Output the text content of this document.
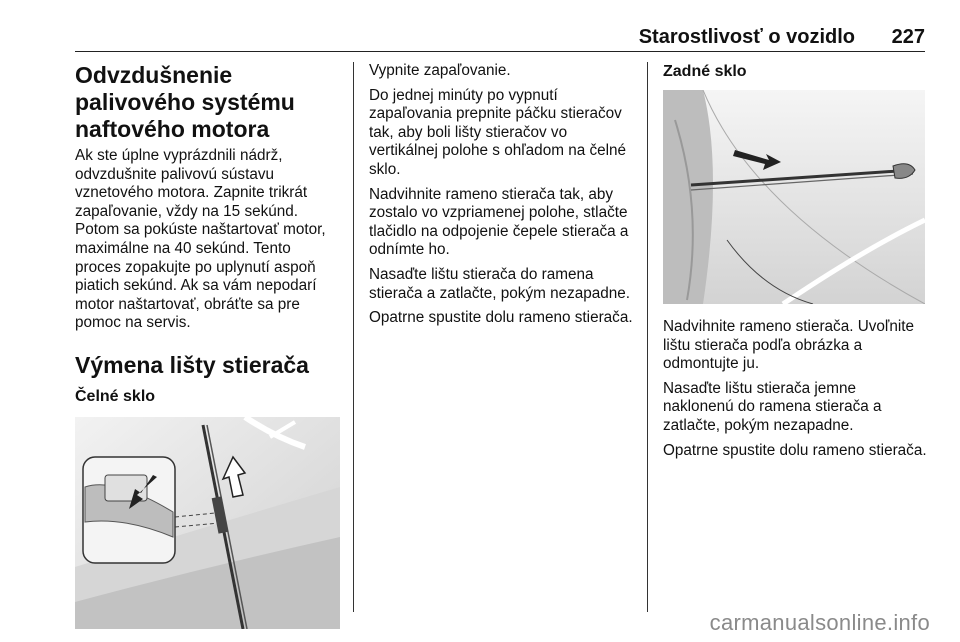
Starostlivosť o vozidlo 227
Odvzdušnenie palivového systému naftového motora

Ak ste úplne vyprázdnili nádrž, odvzdušnite palivovú sústavu vznetového motora. Zapnite trikrát zapaľovanie, vždy na 15 sekúnd. Potom sa pokúste naštartovať motor, maximálne na 40 sekúnd. Tento proces zopakujte po uplynutí aspoň piatich sekúnd. Ak sa vám nepodarí motor naštartovať, obráťte sa pre pomoc na servis.

Výmena lišty stierača
Čelné sklo

Vypnite zapaľovanie.

Do jednej minúty po vypnutí zapaľovania prepnite páčku stieračov tak, aby boli lišty stieračov vo vertikálnej polohe s ohľadom na čelné sklo.

Nadvihnite rameno stierača tak, aby zostalo vo vzpriamenej polohe, stlačte tlačidlo na odpojenie čepele stierača a odnímte ho.

Nasaďte lištu stierača do ramena stierača a zatlačte, pokým nezapadne.

Opatrne spustite dolu rameno stierača.

Zadné sklo

Nadvihnite rameno stierača. Uvoľnite lištu stierača podľa obrázka a odmontujte ju.

Nasaďte lištu stierača jemne naklonenú do ramena stierača a zatlačte, pokým nezapadne.

Opatrne spustite dolu rameno stierača.

carmanualsonline.info
